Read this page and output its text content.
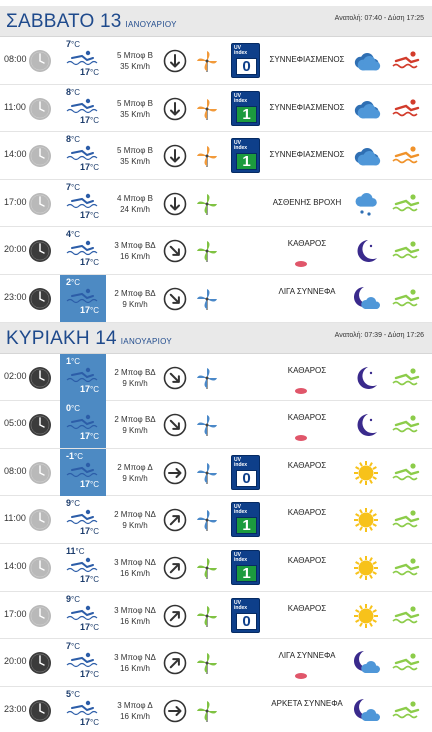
ΣΑΒΒΑΤΟ 13 ΙΑΝΟΥΑΡΙΟΥ
Ανατολή: 07:40 - Δύση 17:25
08:00
7°C
17°C
5 Μποφ Β
35 Km/h
UV
index
0	ΣΥΝΝΕΦΙΑΣΜΕΝΟΣ
11:00
8°C
17°C
5 Μποφ Β
35 Km/h
UV
index
1	ΣΥΝΝΕΦΙΑΣΜΕΝΟΣ
14:00
8°C
17°C
5 Μποφ Β
35 Km/h
UV
index
1	ΣΥΝΝΕΦΙΑΣΜΕΝΟΣ
17:00
7°C
17°C
4 Μποφ Β
24 Km/h
ΑΣΘΕΝΗΣ ΒΡΟΧΗ
20:00
4°C
17°C
3 Μποφ ΒΔ
16 Km/h
ΚΑΘΑΡΟΣ
23:00
2°C
17°C
2 Μποφ ΒΔ
9 Km/h
ΛΙΓΑ ΣΥΝΝΕΦΑ
ΚΥΡΙΑΚΗ 14 ΙΑΝΟΥΑΡΙΟΥ
Ανατολή: 07:39 - Δύση 17:26
02:00
1°C
17°C
2 Μποφ ΒΔ
9 Km/h
ΚΑΘΑΡΟΣ
05:00
0°C
17°C
2 Μποφ ΒΔ
9 Km/h
ΚΑΘΑΡΟΣ
08:00
-1°C
17°C
2 Μποφ Δ
9 Km/h
UV
index
0
ΚΑΘΑΡΟΣ
11:00
9°C
17°C
2 Μποφ ΝΔ
9 Km/h
UV
index
1
ΚΑΘΑΡΟΣ
14:00
11°C
17°C
3 Μποφ ΝΔ
16 Km/h
UV
index
1
ΚΑΘΑΡΟΣ
17:00
9°C
17°C
3 Μποφ ΝΔ
16 Km/h
UV
index
0
ΚΑΘΑΡΟΣ
20:00
7°C
17°C
3 Μποφ ΝΔ
16 Km/h
ΛΙΓΑ ΣΥΝΝΕΦΑ
23:00
5°C
17°C
3 Μποφ Δ
16 Km/h
ΑΡΚΕΤΑ ΣΥΝΝΕΦΑ
